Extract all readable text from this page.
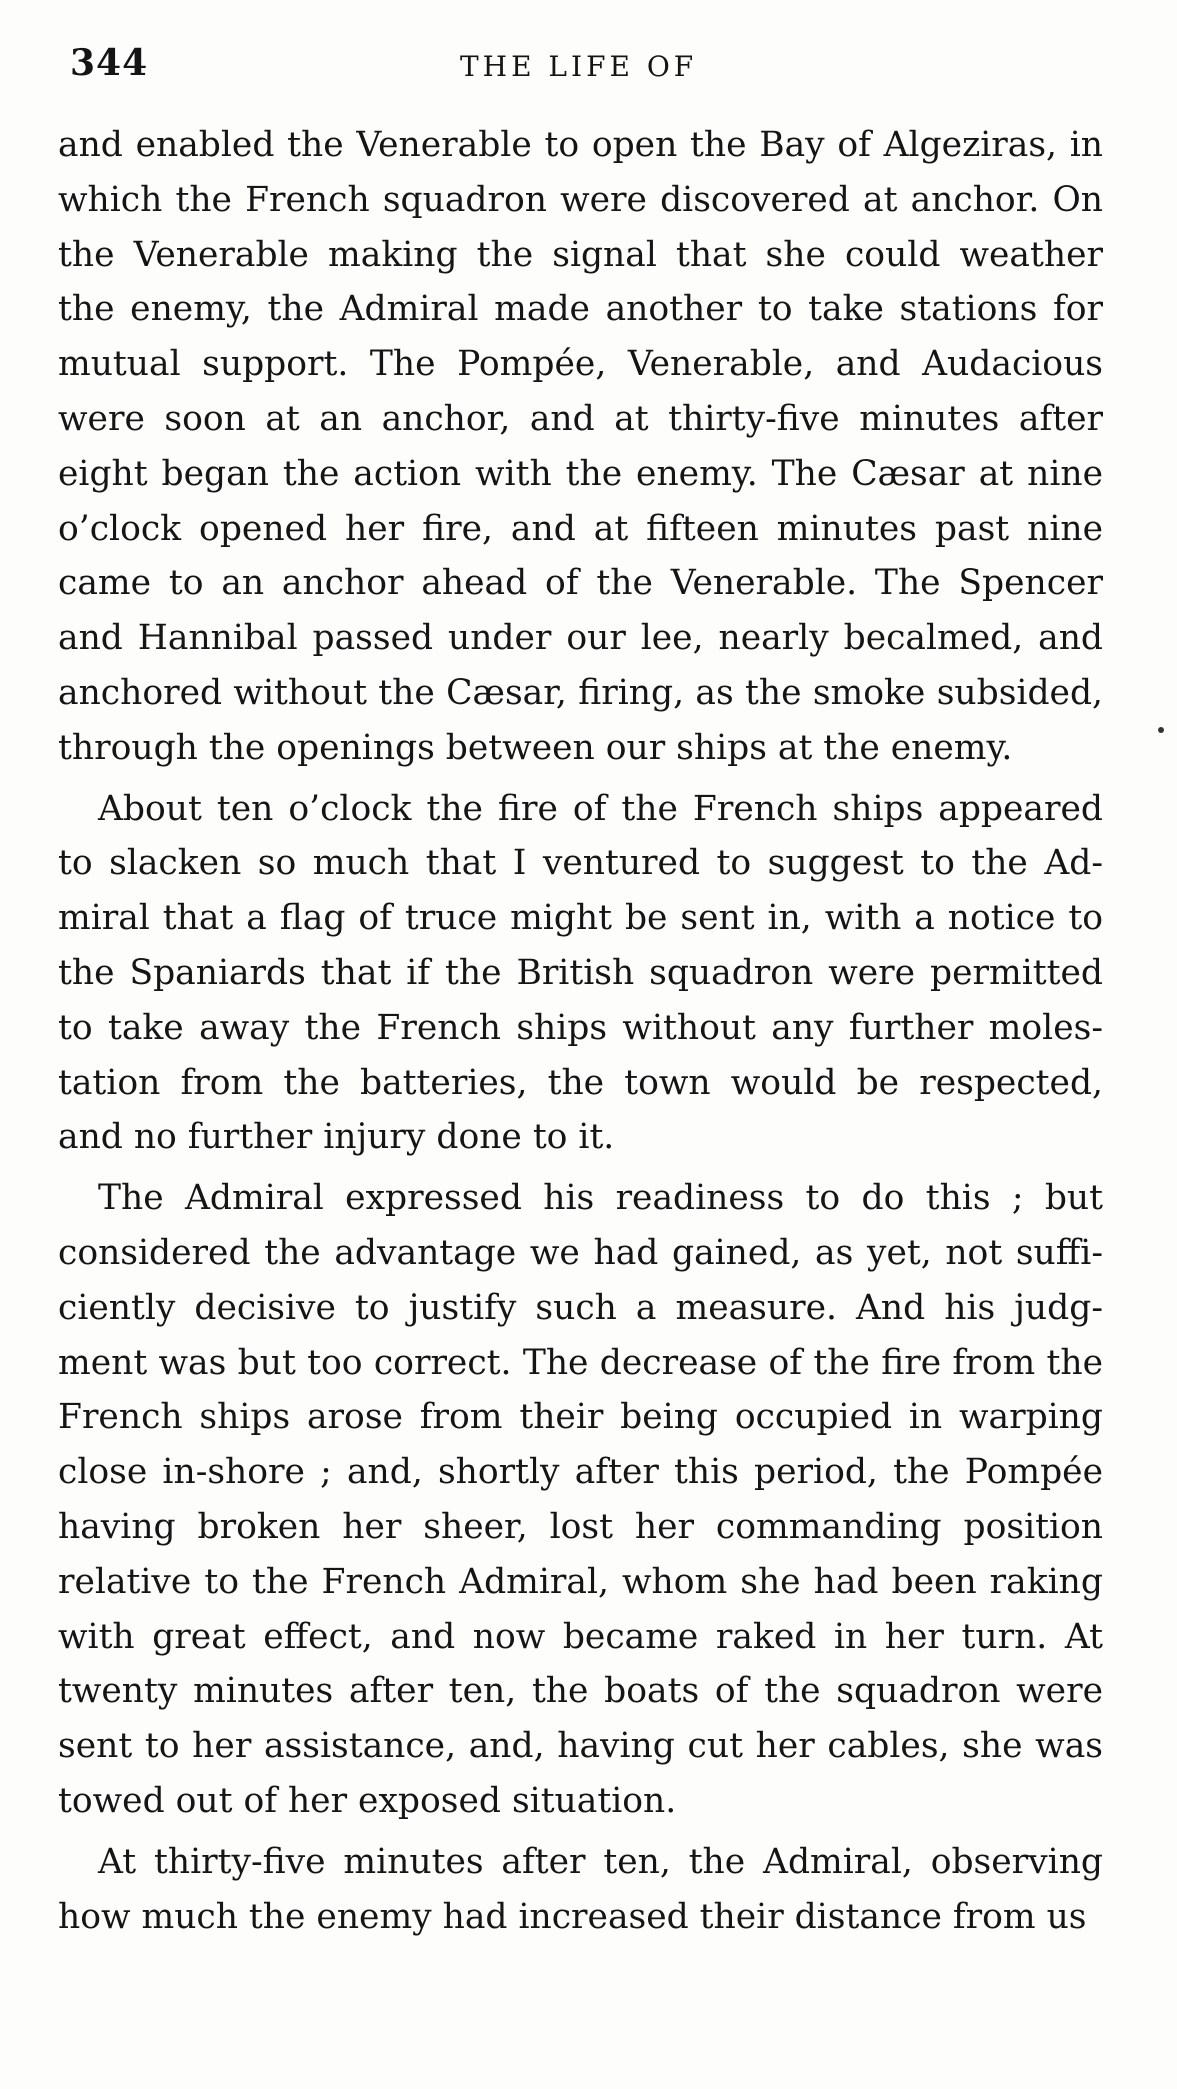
344	THE LIFE OF

and enabled the Venerable to open the Bay of Algeziras, in which the French squadron were discovered at anchor. On the Venerable making the signal that she could weather the enemy, the Admiral made another to take stations for mutual support. The Pompée, Venerable, and Audacious were soon at an anchor, and at thirty-five minutes after eight began the action with the enemy. The Cæsar at nine o’clock opened her fire, and at fifteen minutes past nine came to an anchor ahead of the Venerable. The Spencer and Hannibal passed under our lee, nearly becalmed, and anchored without the Cæsar, firing, as the smoke subsided, through the openings between our ships at the enemy.

About ten o’clock the fire of the French ships appeared to slacken so much that I ventured to suggest to the Admiral that a flag of truce might be sent in, with a notice to the Spaniards that if the British squadron were permitted to take away the French ships without any further molestation from the batteries, the town would be respected, and no further injury done to it.

The Admiral expressed his readiness to do this ; but considered the advantage we had gained, as yet, not sufficiently decisive to justify such a measure. And his judgment was but too correct. The decrease of the fire from the French ships arose from their being occupied in warping close in-shore ; and, shortly after this period, the Pompée having broken her sheer, lost her commanding position relative to the French Admiral, whom she had been raking with great effect, and now became raked in her turn. At twenty minutes after ten, the boats of the squadron were sent to her assistance, and, having cut her cables, she was towed out of her exposed situation.

At thirty-five minutes after ten, the Admiral, observing how much the enemy had increased their distance from us
